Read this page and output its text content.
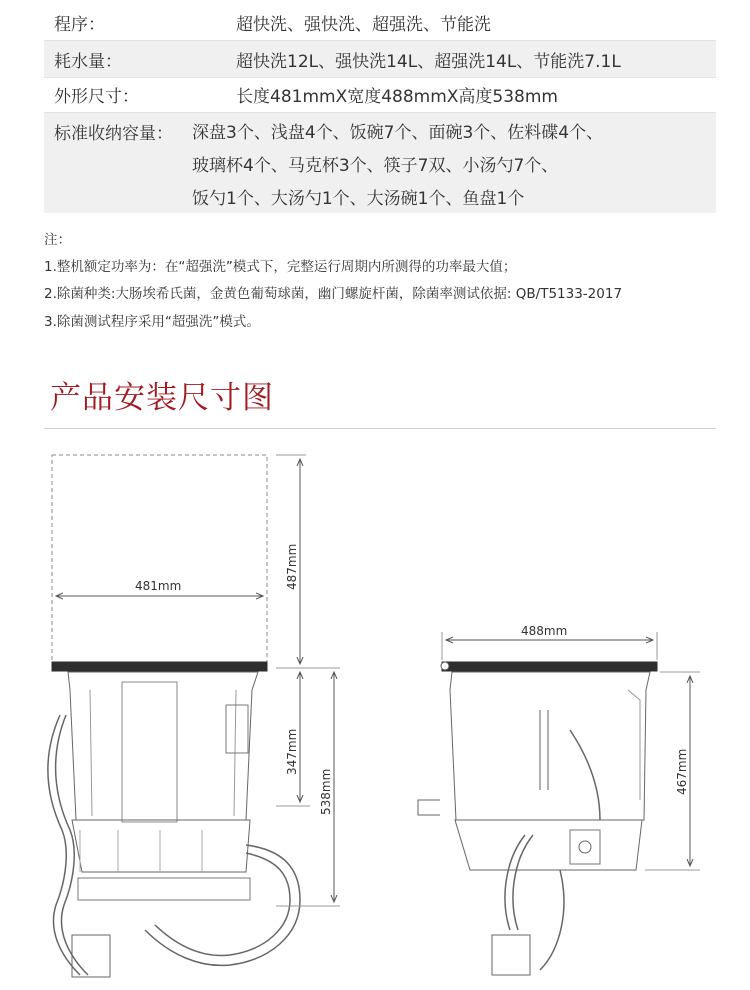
程序：	超快洗、强快洗、超强洗、节能洗
耗水量：	超快洗12L、强快洗14L、超强洗14L、节能洗7.1L
外形尺寸：	长度481mmX宽度488mmX高度538mm
标准收纳容量： 深盘3个、浅盘4个、饭碗7个、面碗3个、佐料碟4个、
玻璃杯4个、马克杯3个、筷子7双、小汤勺7个、
饭勺1个、大汤勺1个、大汤碗1个、鱼盘1个
注：
1.整机额定功率为：在“超强洗”模式下，完整运行周期内所测得的功率最大值；
2.除菌种类:大肠埃希氏菌，金黄色葡萄球菌，幽门螺旋杆菌，除菌率测试依据: QB/T5133-2017
3.除菌测试程序采用“超强洗”模式。
产品安装尺寸图
481mm	487mm
347mm
538mm
488mm
467mm
